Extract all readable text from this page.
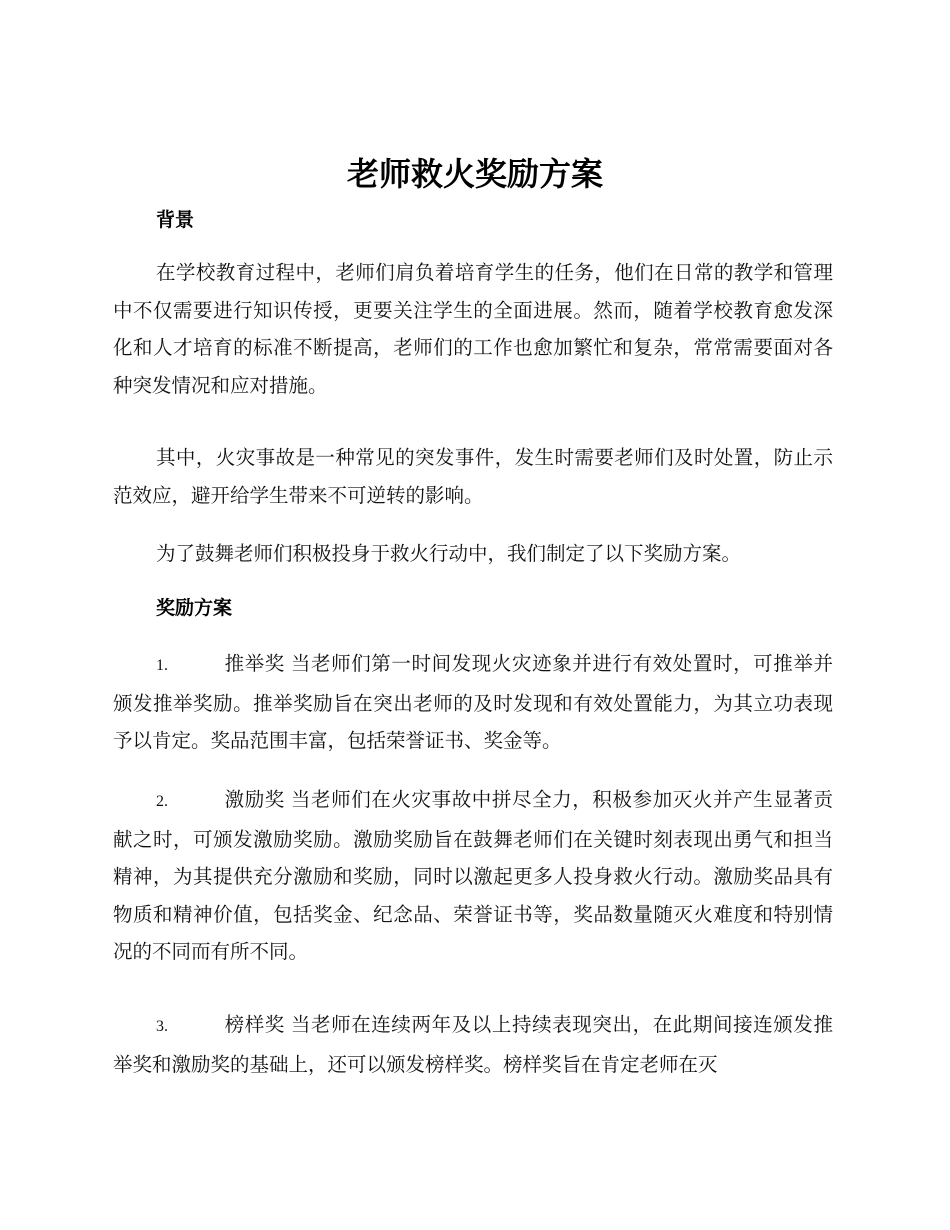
老师救火奖励方案
背景

在学校教育过程中，老师们肩负着培育学生的任务，他们在日常的教学和管理中不仅需要进行知识传授，更要关注学生的全面进展。然而，随着学校教育愈发深化和人才培育的标准不断提高，老师们的工作也愈加繁忙和复杂，常常需要面对各种突发情况和应对措施。

其中，火灾事故是一种常见的突发事件，发生时需要老师们及时处置，防止示范效应，避开给学生带来不可逆转的影响。

为了鼓舞老师们积极投身于救火行动中，我们制定了以下奖励方案。

奖励方案

1.	推举奖 当老师们第一时间发现火灾迹象并进行有效处置时，可推举并颁发推举奖励。推举奖励旨在突出老师的及时发现和有效处置能力，为其立功表现予以肯定。奖品范围丰富，包括荣誉证书、奖金等。

2.	激励奖 当老师们在火灾事故中拼尽全力，积极参加灭火并产生显著贡献之时，可颁发激励奖励。激励奖励旨在鼓舞老师们在关键时刻表现出勇气和担当精神，为其提供充分激励和奖励，同时以激起更多人投身救火行动。激励奖品具有物质和精神价值，包括奖金、纪念品、荣誉证书等，奖品数量随灭火难度和特别情况的不同而有所不同。

3.	榜样奖 当老师在连续两年及以上持续表现突出，在此期间接连颁发推举奖和激励奖的基础上，还可以颁发榜样奖。榜样奖旨在肯定老师在灭
